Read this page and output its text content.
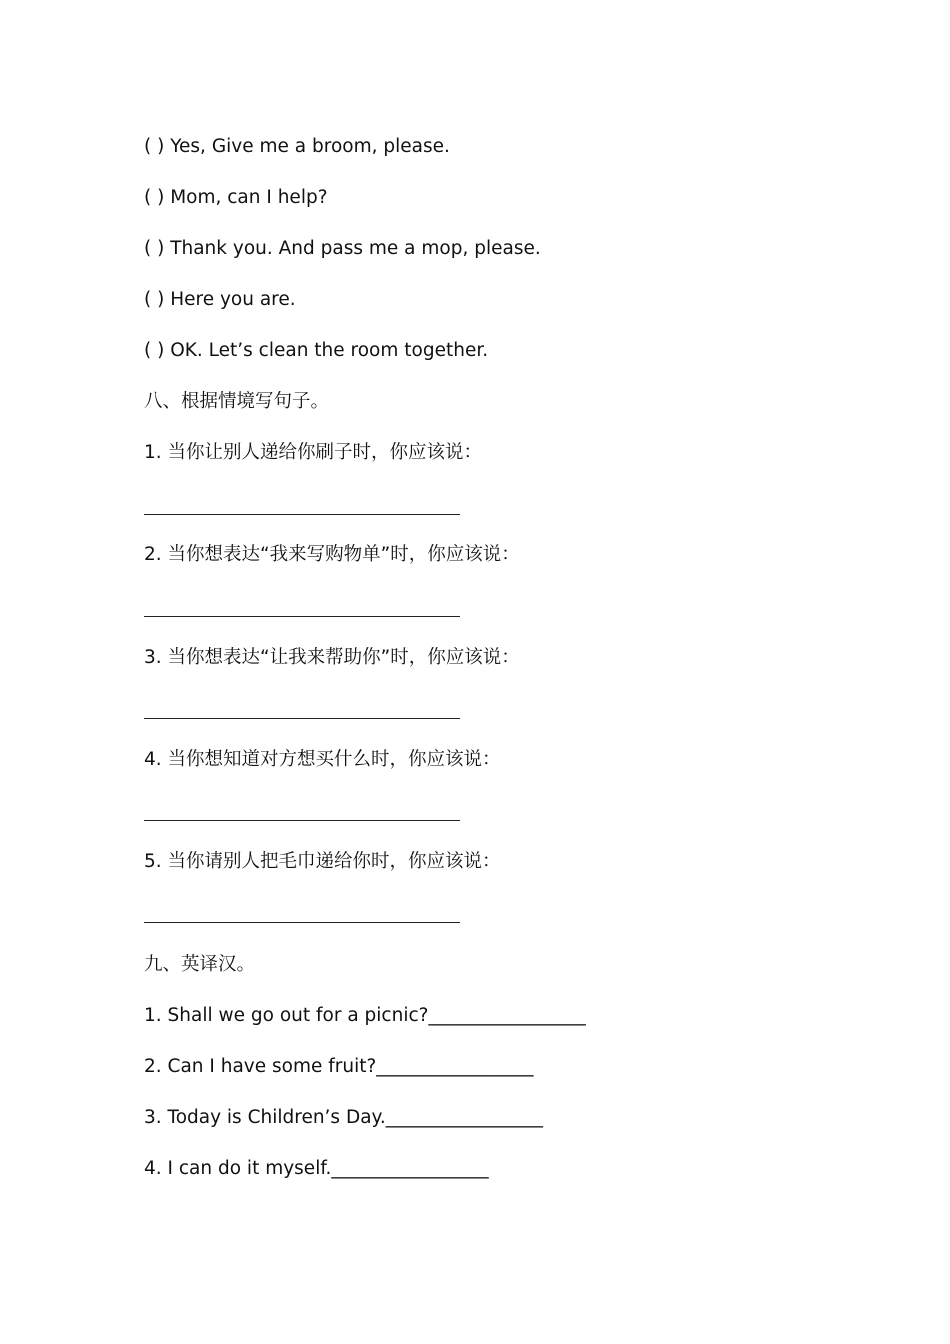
( ) Yes, Give me a broom, please.
( ) Mom, can I help?
( ) Thank you. And pass me a mop, please.
( ) Here you are.
( ) OK. Let’s clean the room together.
八、根据情境写句子。
1. 当你让别人递给你刷子时，你应该说：
2. 当你想表达“我来写购物单”时，你应该说：
3. 当你想表达“让我来帮助你”时，你应该说：
4. 当你想知道对方想买什么时，你应该说：
5. 当你请别人把毛巾递给你时，你应该说：
九、英译汉。
1. Shall we go out for a picnic?_________________
2. Can I have some fruit?_________________
3. Today is Children’s Day._________________
4. I can do it myself._________________
